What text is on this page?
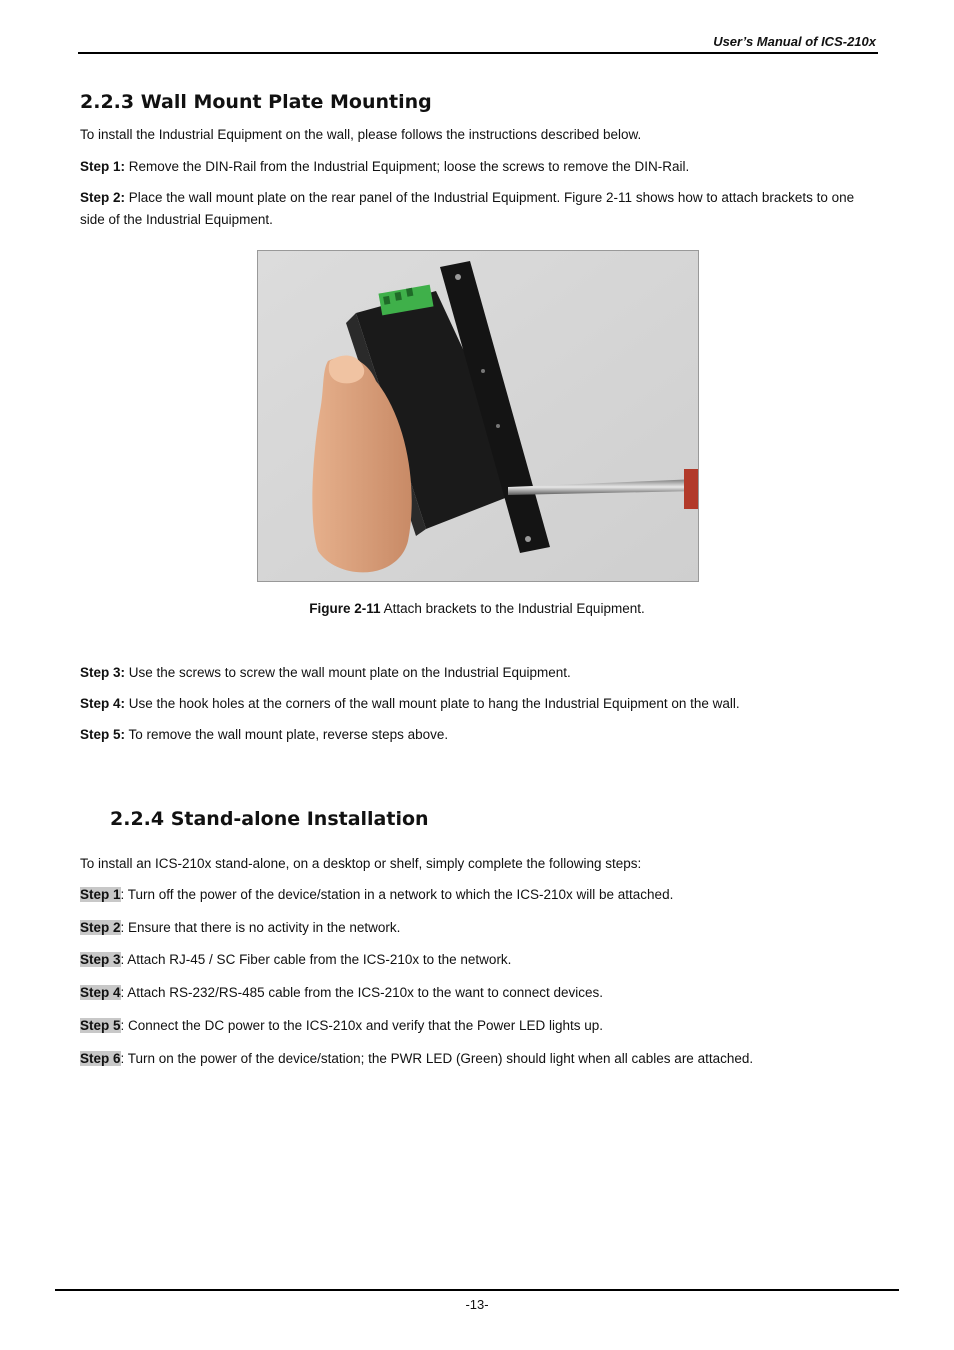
User’s Manual of ICS-210x
2.2.3 Wall Mount Plate Mounting

To install the Industrial Equipment on the wall, please follows the instructions described below.

Step 1: Remove the DIN-Rail from the Industrial Equipment; loose the screws to remove the DIN-Rail.

Step 2: Place the wall mount plate on the rear panel of the Industrial Equipment. Figure 2-11 shows how to attach brackets to one side of the Industrial Equipment.

Figure 2-11 Attach brackets to the Industrial Equipment.

Step 3: Use the screws to screw the wall mount plate on the Industrial Equipment.

Step 4: Use the hook holes at the corners of the wall mount plate to hang the Industrial Equipment on the wall.

Step 5: To remove the wall mount plate, reverse steps above.

2.2.4 Stand-alone Installation

To install an ICS-210x stand-alone, on a desktop or shelf, simply complete the following steps:

Step 1: Turn off the power of the device/station in a network to which the ICS-210x will be attached.

Step 2: Ensure that there is no activity in the network.

Step 3: Attach RJ-45 / SC Fiber cable from the ICS-210x to the network.

Step 4: Attach RS-232/RS-485 cable from the ICS-210x to the want to connect devices.

Step 5: Connect the DC power to the ICS-210x and verify that the Power LED lights up.

Step 6: Turn on the power of the device/station; the PWR LED (Green) should light when all cables are attached.

-13-
